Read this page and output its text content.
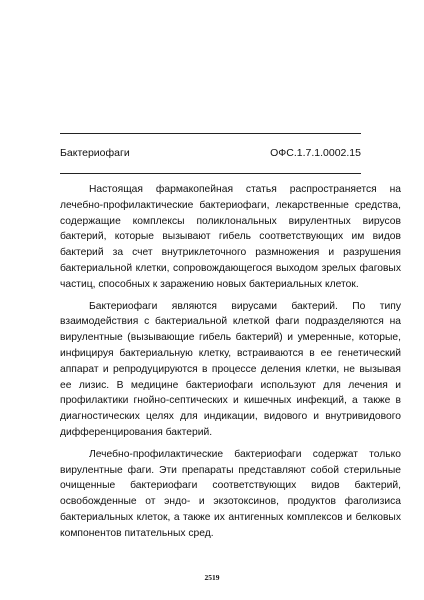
Бактериофаги	ОФС.1.7.1.0002.15

Настоящая фармакопейная статья распространяется на лечебно-профилактические бактериофаги, лекарственные средства, содержащие комплексы поликлональных вирулентных вирусов бактерий, которые вызывают гибель соответствующих им видов бактерий за счет внутриклеточного размножения и разрушения бактериальной клетки, сопровождающегося выходом зрелых фаговых частиц, способных к заражению новых бактериальных клеток.

Бактериофаги являются вирусами бактерий. По типу взаимодействия с бактериальной клеткой фаги подразделяются на вирулентные (вызывающие гибель бактерий) и умеренные, которые, инфицируя бактериальную клетку, встраиваются в ее генетический аппарат и репродуцируются в процессе деления клетки, не вызывая ее лизис. В медицине бактериофаги используют для лечения и профилактики гнойно-септических и кишечных инфекций, а также в диагностических целях для индикации, видового и внутривидового дифференцирования бактерий.

Лечебно-профилактические бактериофаги содержат только вирулентные фаги. Эти препараты представляют собой стерильные очищенные бактериофаги соответствующих видов бактерий, освобожденные от эндо- и экзотоксинов, продуктов фаголизиса бактериальных клеток, а также их антигенных комплексов и белковых компонентов питательных сред.

2519
